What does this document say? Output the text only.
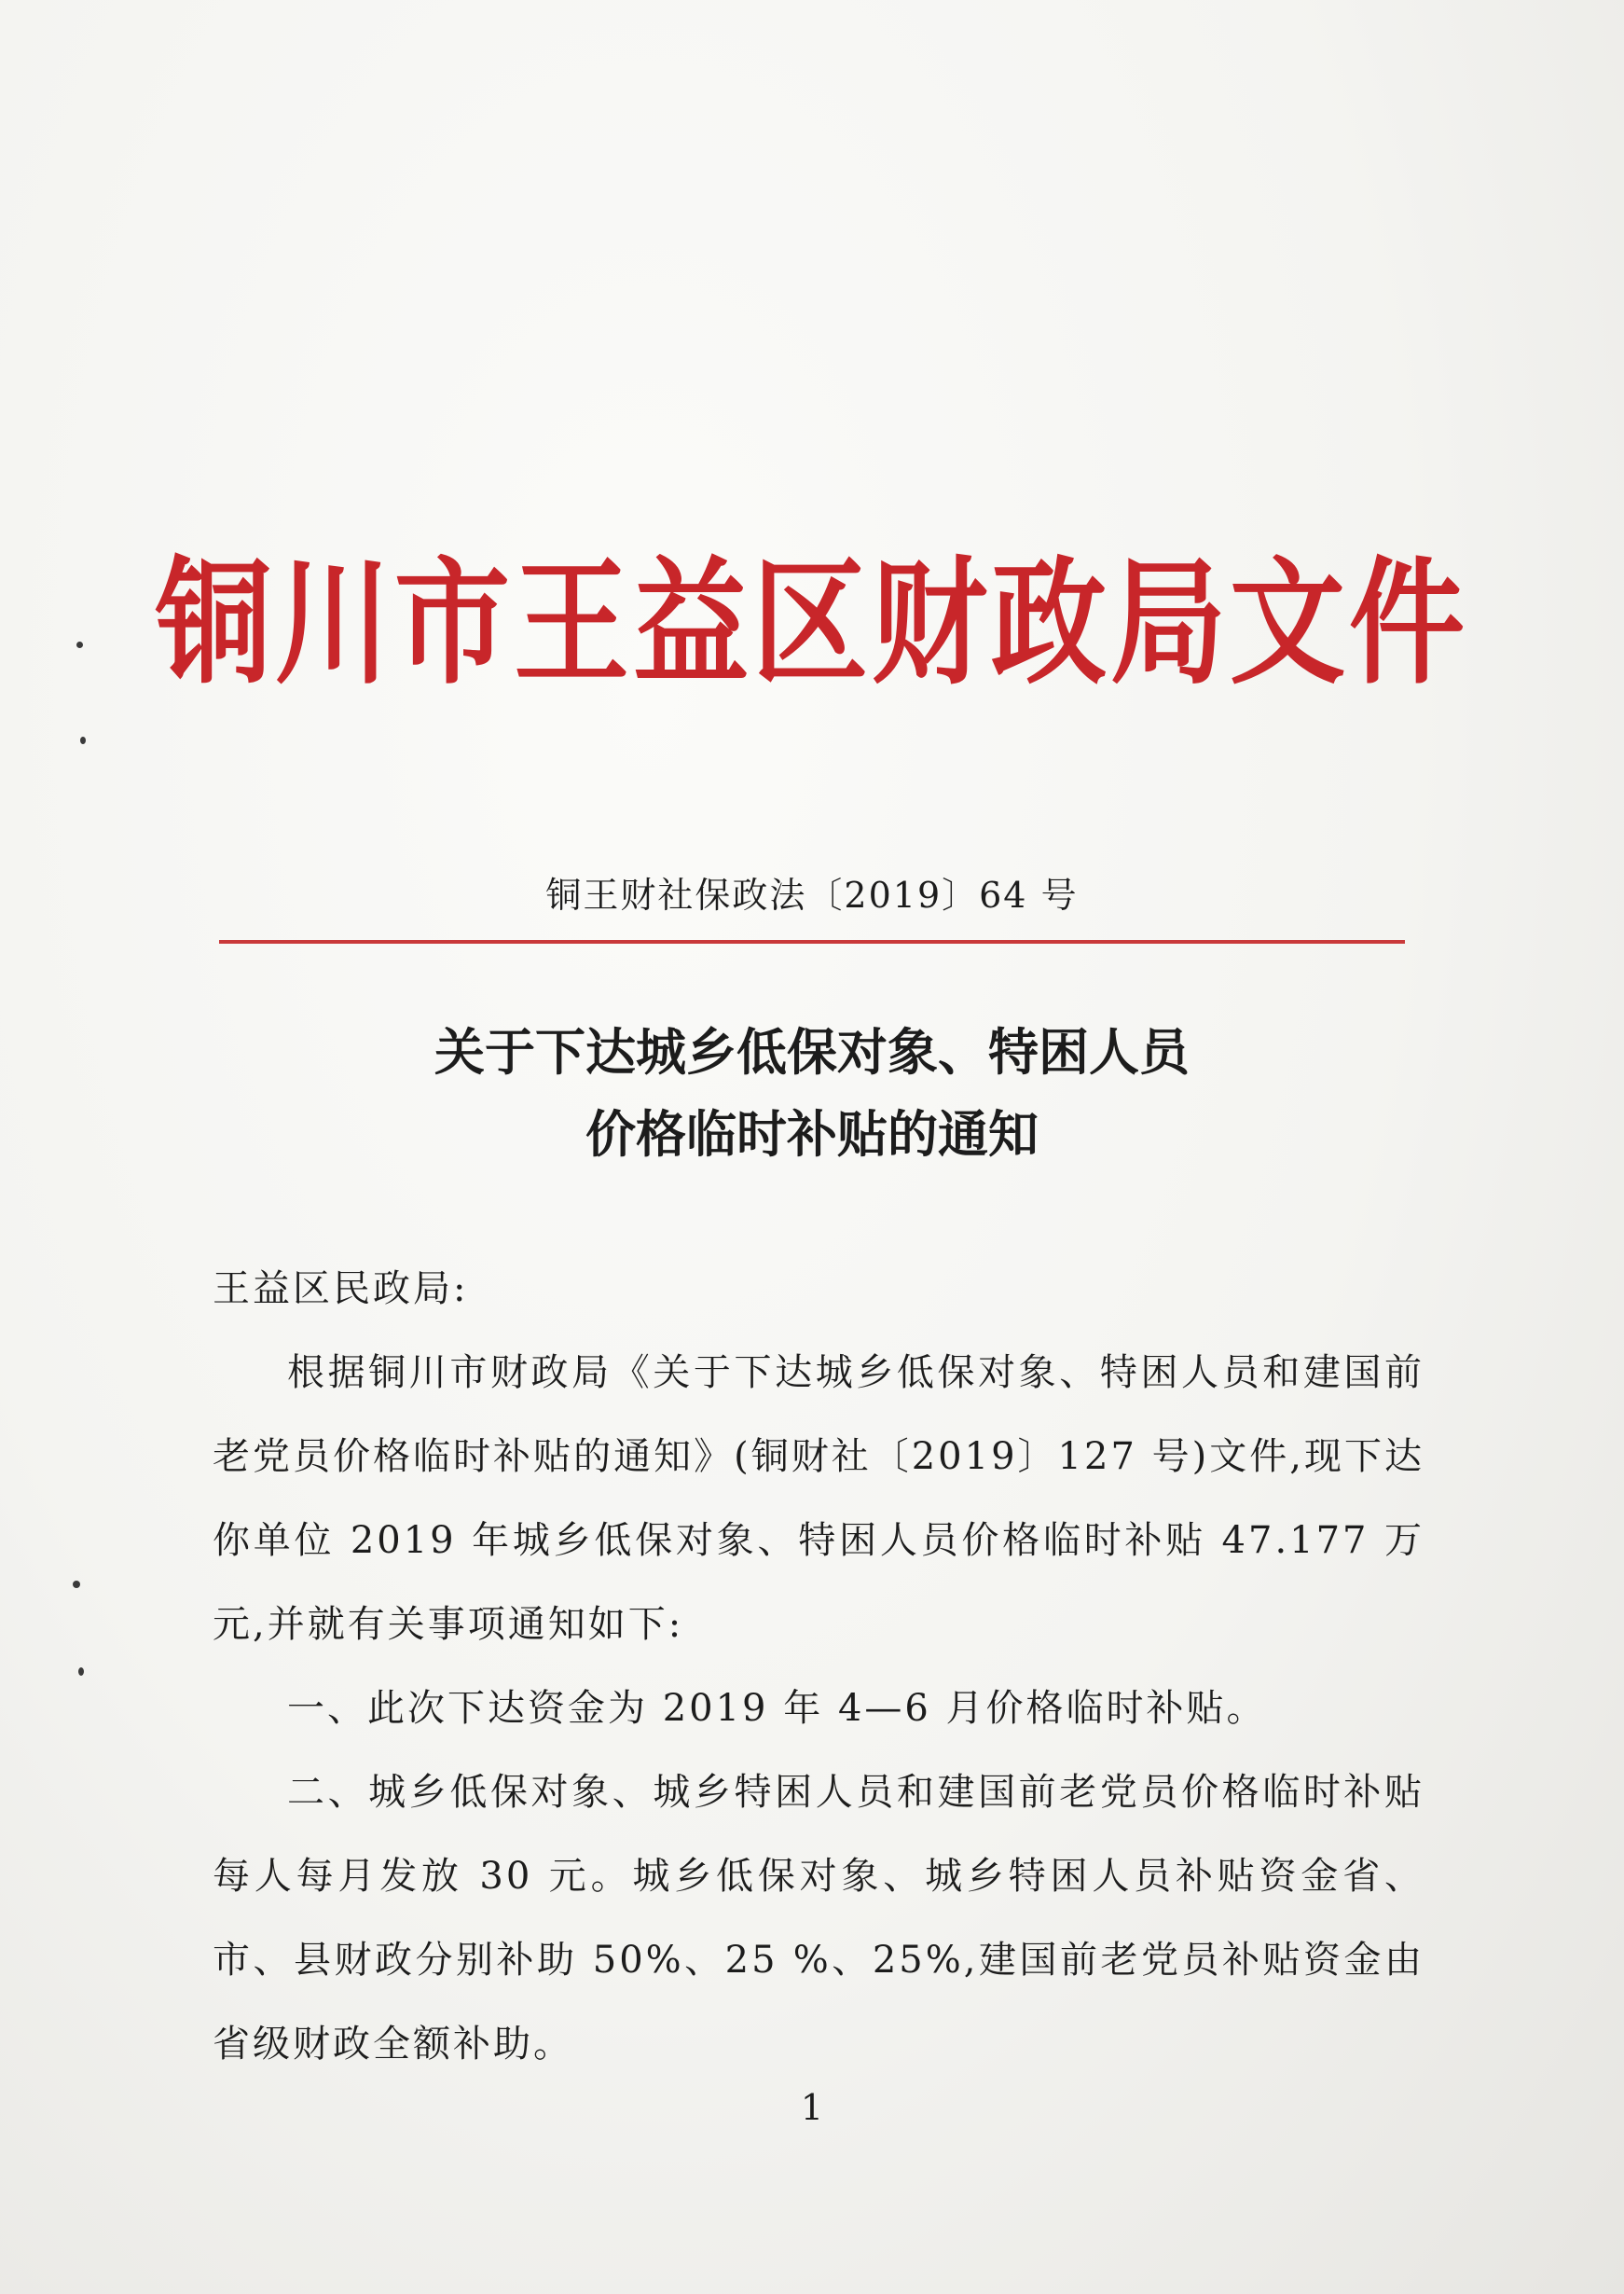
铜川市王益区财政局文件
铜王财社保政法〔2019〕64 号
关于下达城乡低保对象、特困人员
价格临时补贴的通知

王益区民政局:

根据铜川市财政局《关于下达城乡低保对象、特困人员和建国前老党员价格临时补贴的通知》(铜财社〔2019〕127 号)文件,现下达你单位 2019 年城乡低保对象、特困人员价格临时补贴 47.177 万元,并就有关事项通知如下:

一、此次下达资金为 2019 年 4—6 月价格临时补贴。

二、城乡低保对象、城乡特困人员和建国前老党员价格临时补贴每人每月发放 30 元。城乡低保对象、城乡特困人员补贴资金省、市、县财政分别补助 50%、25 %、25%,建国前老党员补贴资金由省级财政全额补助。

1
